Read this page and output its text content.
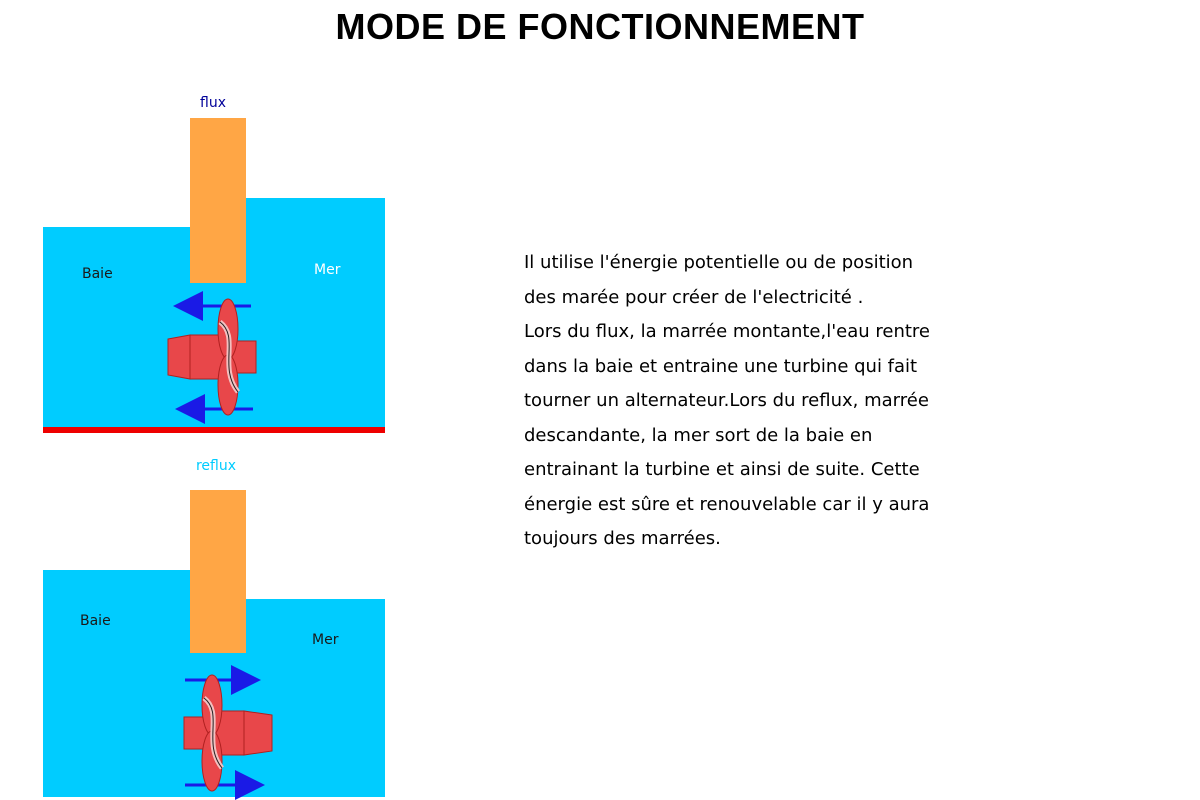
MODE DE FONCTIONNEMENT
flux
Baie	Mer
reflux
Baie
Mer

Il utilise l'énergie potentielle ou de position
des marée pour créer de l'electricité .
Lors du flux, la marrée montante,l'eau rentre
dans la baie et entraine une turbine qui fait
tourner un alternateur.Lors du reflux, marrée
descandante, la mer sort de la baie en
entrainant la turbine et ainsi de suite. Cette
énergie est sûre et renouvelable car il y aura
toujours des marrées.
